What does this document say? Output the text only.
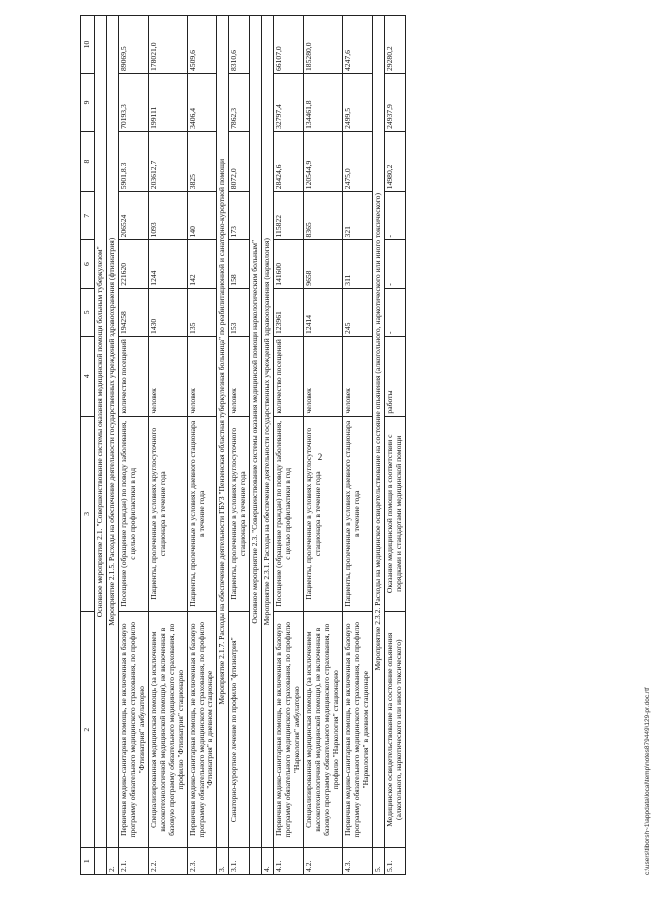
2
1	2	3	4	5	6	7	8	9	10
	Основное мероприятие 2.1. "Совершенствование системы оказания медицинской помощи больным туберкулезом"								
2.	Мероприятие 2.1.5. Расходы на обеспечение деятельности государственных учреждений здравоохранения (фтизиатрия)								
2.1.	Первичная медико-санитарная помощь, не включенная в базовую программу обязательного медицинского страхования, по профилю "Фтизиатрия" амбулаторно	Посещение (обращение граждан) по поводу заболевания, с целью профилактики в год	количество посещений	194258	221620	206524	5901,8.3	70193,3	89069,5
2.2.	Специализированная медицинская помощь (за исключением высокотехнологичной медицинской помощи), не включенная в базовую программу обязательного медицинского страхования, по профилю "Фтизиатрия" стационарно	Пациенты, пролеченные в условиях круглосуточного стационара в течение года	человек	1430	1244	1093	203612,7	199111	178021,0
2.3.	Первичная медико-санитарная помощь, не включенная в базовую программу обязательного медицинского страхования, по профилю "Фтизиатрия" в дневном стационаре	Пациенты, пролеченные в условиях дневного стационара в течение года	человек	135	142	140	3825	3406,4	4509,6
3.	Мероприятие 2.1.7. Расходы на обеспечение деятельности ГБУЗ "Пензенская областная туберкулезная больница" по реабилитационной и санаторно-курортной помощи								
3.1.	Санаторно-курортное лечение по профилю "фтизиатрия"	Пациенты, пролеченные в условиях круглосуточного стационара в течение года	человек	153	158	173	8072,0	7862,3	8310,6
	Основное мероприятие 2.3. "Совершенствование системы оказания медицинской помощи наркологическим больным"								
4.	Мероприятие 2.3.1. Расходы на обеспечение деятельности государственных учреждений здравоохранения (наркология)								
4.1.	Первичная медико-санитарная помощь, не включенная в базовую программу обязательного медицинского страхования, по профилю "Наркология" амбулаторно	Посещение (обращение граждан) по поводу заболевания, с целью профилактики в год	количество посещений	123961	141600	115822	28424,6	32797,4	66107,0
4.2.	Специализированная медицинская помощь (за исключением высокотехнологичной медицинской помощи), не включенная в базовую программу обязательного медицинского страхования, по профилю "Наркология" стационарно	Пациенты, пролеченные в условиях круглосуточного стационара в течение года	человек	12414	9658	8365	120544,9	134461,8	185280,0
4.3.	Первичная медико-санитарная помощь, не включенная в базовую программу обязательного медицинского страхования, по профилю "Наркология" в дневном стационаре	Пациенты, пролеченные в условиях дневного стационара в течение года	человек	245	311	321	2475,0	2499,5	4247,6
5.	Мероприятие 2.3.2. Расходы на медицинское освидетельствование на состояние опьянения (алкогольного, наркотического или иного токсического)								
5.1.	Медицинское освидетельствование на состояние опьянения (алкогольного, наркотического или иного токсического)	Оказание медицинской помощи в соответствии с порядками и стандартами медицинской помощи	работы	-	-	-	14980,2	24937,9	29280,2
c:\users\tiborsh~1\appdata\local\temp\notes879449\129-pr.doc.rtf
